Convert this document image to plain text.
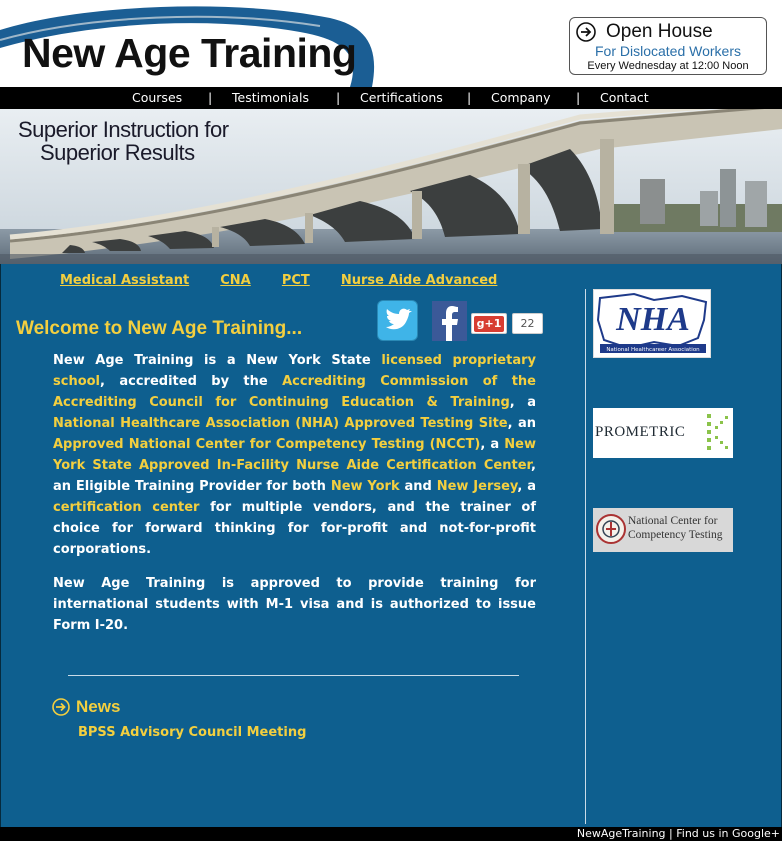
New Age Training	Open House
For Dislocated Workers
Every Wednesday at 12:00 Noon
Courses | Testimonials | Certifications | Company | Contact
Superior Instruction for
Superior Results
Medical Assistant CNA PCT Nurse Aide Advanced
Welcome to New Age Training...	g+1	22

New Age Training is a New York State licensed proprietary school, accredited by the Accrediting Commission of the Accrediting Council for Continuing Education & Training, a National Healthcare Association (NHA) Approved Testing Site, an Approved National Center for Competency Testing (NCCT), a New York State Approved In-Facility Nurse Aide Certification Center, an Eligible Training Provider for both New York and New Jersey, a certification center for multiple vendors, and the trainer of choice for forward thinking for for-profit and not-for-profit corporations.

New Age Training is approved to provide training for international students with M-1 visa and is authorized to issue Form I-20.

News
BPSS Advisory Council Meeting
NHA
National Healthcareer Association
PROMETRIC
National Center for
Competency Testing
NewAgeTraining | Find us in Google+
